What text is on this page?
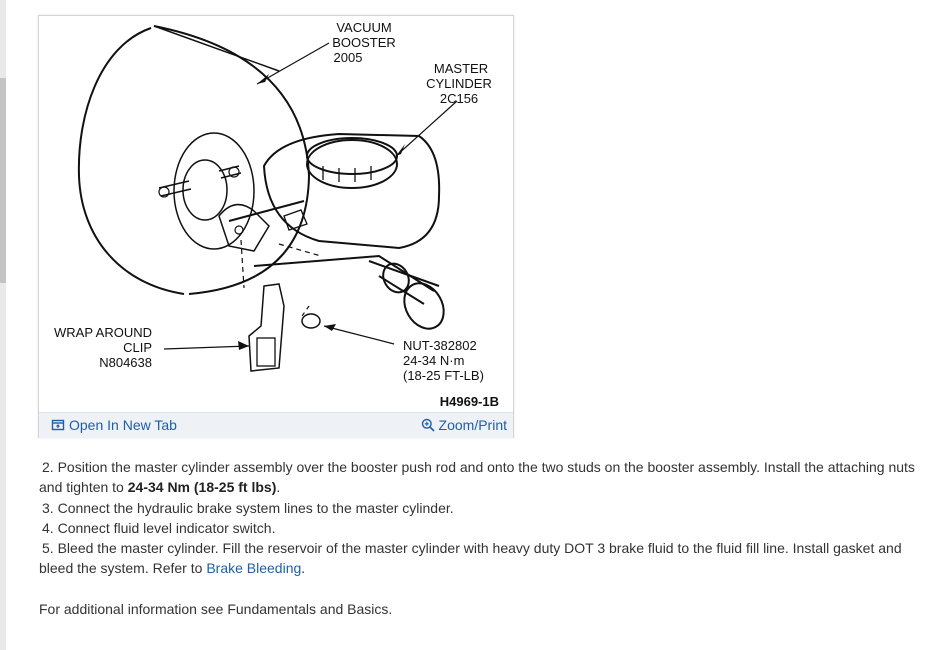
VACUUM
BOOSTER
2005
MASTER
CYLINDER
2C156
WRAP AROUND
CLIP
N804638
NUT-382802
24-34 N·m
(18-25 FT-LB)
H4969-1B
Open In New Tab	Zoom/Print

2. Position the master cylinder assembly over the booster push rod and onto the two studs on the booster assembly. Install the attaching nuts and tighten to 24-34 Nm (18-25 ft lbs).

3. Connect the hydraulic brake system lines to the master cylinder.

4. Connect fluid level indicator switch.

5. Bleed the master cylinder. Fill the reservoir of the master cylinder with heavy duty DOT 3 brake fluid to the fluid fill line. Install gasket and bleed the system. Refer to Brake Bleeding.

For additional information see Fundamentals and Basics.
